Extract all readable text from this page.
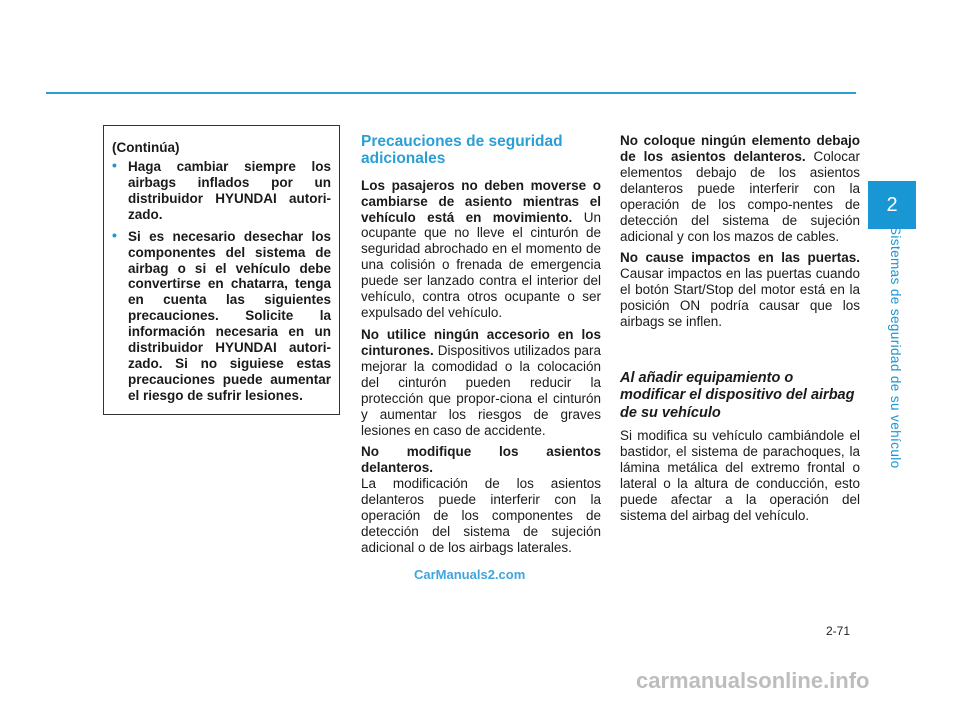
2
Sistemas de seguridad de su vehículo
(Continúa)
• Haga cambiar siempre los airbags inflados por un distribuidor HYUNDAI autori-zado.
• Si es necesario desechar los componentes del sistema de airbag o si el vehículo debe convertirse en chatarra, tenga en cuenta las siguientes precauciones. Solicite la información necesaria en un distribuidor HYUNDAI autori-zado. Si no siguiese estas precauciones puede aumentar el riesgo de sufrir lesiones.
Precauciones de seguridad adicionales
Los pasajeros no deben moverse o cambiarse de asiento mientras el vehículo está en movimiento. Un ocupante que no lleve el cinturón de seguridad abrochado en el momento de una colisión o frenada de emergencia puede ser lanzado contra el interior del vehículo, contra otros ocupante o ser expulsado del vehículo.
No utilice ningún accesorio en los cinturones. Dispositivos utilizados para mejorar la comodidad o la colocación del cinturón pueden reducir la protección que propor-ciona el cinturón y aumentar los riesgos de graves lesiones en caso de accidente.
No modifique los asientos delanteros.
La modificación de los asientos delanteros puede interferir con la operación de los componentes de detección del sistema de sujeción adicional o de los airbags laterales.
No coloque ningún elemento debajo de los asientos delanteros. Colocar elementos debajo de los asientos delanteros puede interferir con la operación de los compo-nentes de detección del sistema de sujeción adicional y con los mazos de cables.
No cause impactos en las puertas. Causar impactos en las puertas cuando el botón Start/Stop del motor está en la posición ON podría causar que los airbags se inflen.
Al añadir equipamiento o modificar el dispositivo del airbag de su vehículo
Si modifica su vehículo cambiándole el bastidor, el sistema de parachoques, la lámina metálica del extremo frontal o lateral o la altura de conducción, esto puede afectar a la operación del sistema del airbag del vehículo.
CarManuals2.com
2-71
carmanualsonline.info
